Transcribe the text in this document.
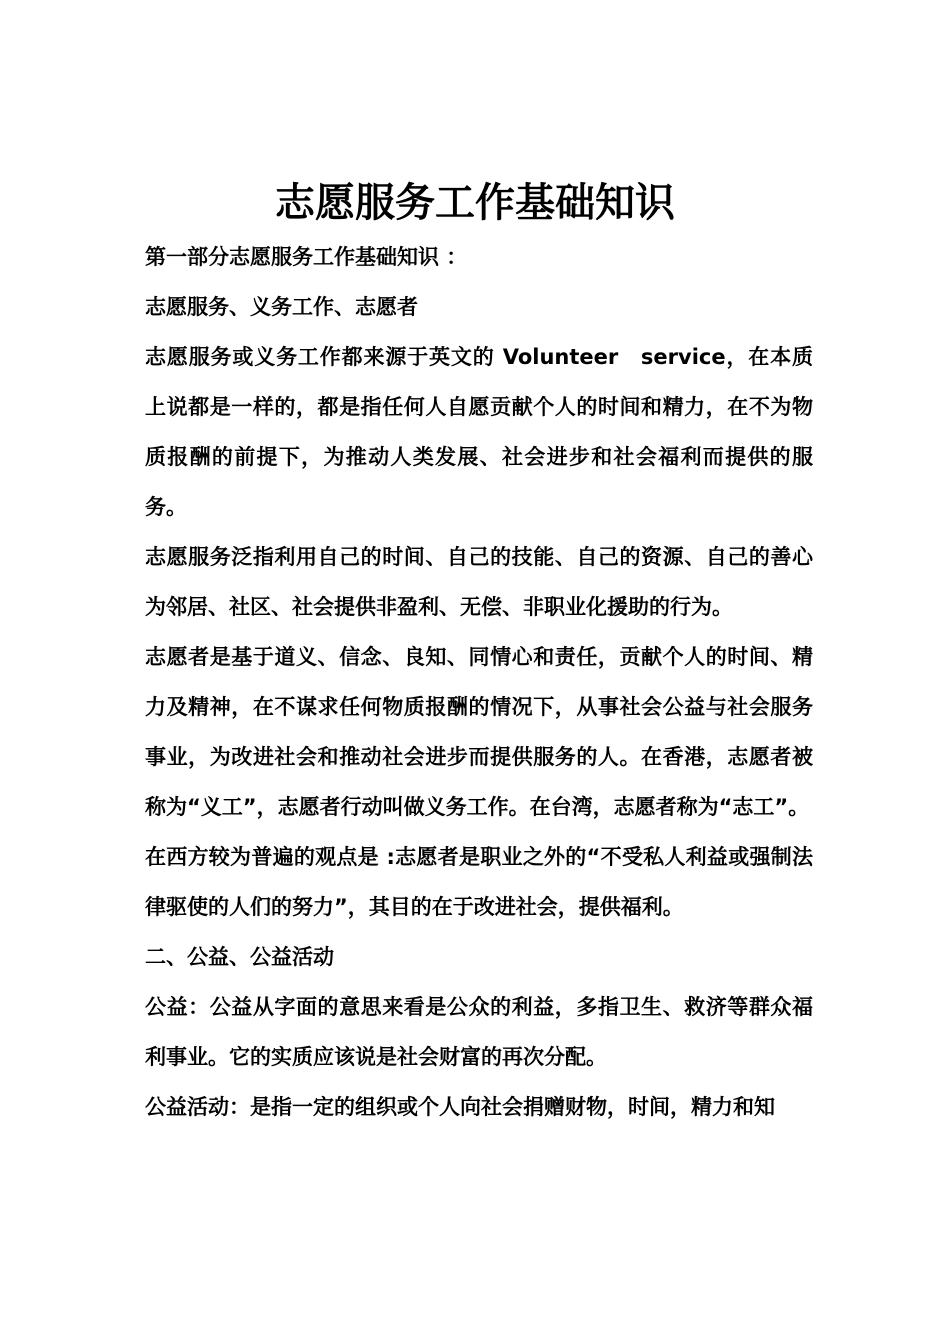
志愿服务工作基础知识

第一部分志愿服务工作基础知识 ：

志愿服务、义务工作、志愿者

志愿服务或义务工作都来源于英文的 Volunteer　service，在本质上说都是一样的，都是指任何人自愿贡献个人的时间和精力，在不为物质报酬的前提下，为推动人类发展、社会进步和社会福利而提供的服务。

志愿服务泛指利用自己的时间、自己的技能、自己的资源、自己的善心为邻居、社区、社会提供非盈利、无偿、非职业化援助的行为。

志愿者是基于道义、信念、良知、同情心和责任，贡献个人的时间、精力及精神，在不谋求任何物质报酬的情况下，从事社会公益与社会服务事业，为改进社会和推动社会进步而提供服务的人。在香港，志愿者被称为“义工”，志愿者行动叫做义务工作。在台湾，志愿者称为“志工”。

在西方较为普遍的观点是 :志愿者是职业之外的“不受私人利益或强制法律驱使的人们的努力”，其目的在于改进社会，提供福利。

二、公益、公益活动

公益：公益从字面的意思来看是公众的利益，多指卫生、救济等群众福利事业。它的实质应该说是社会财富的再次分配。

公益活动：是指一定的组织或个人向社会捐赠财物，时间，精力和知
